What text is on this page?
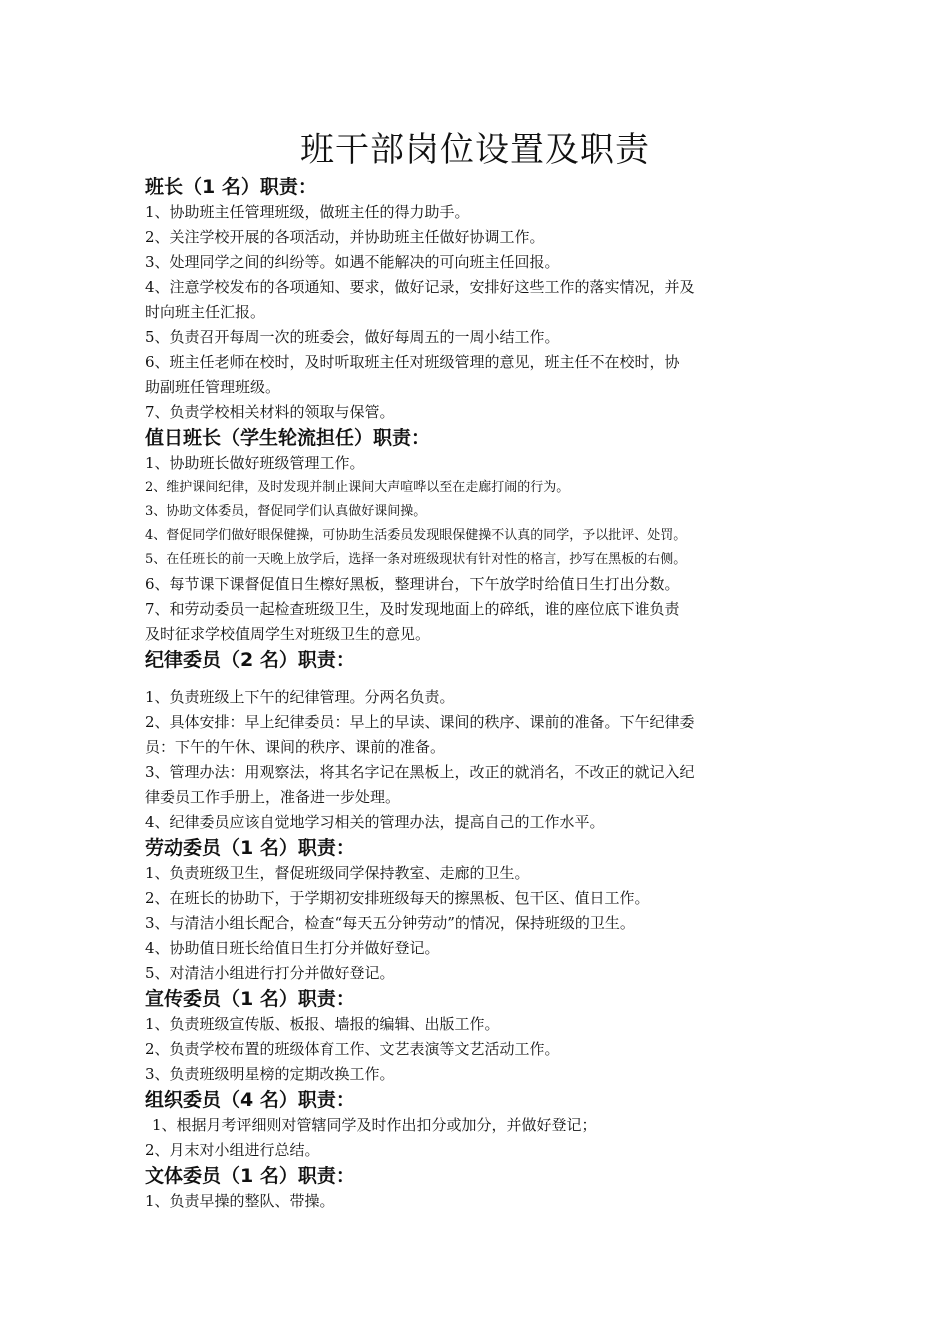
班干部岗位设置及职责
班长（1 名）职责：
1、协助班主任管理班级，做班主任的得力助手。
2、关注学校开展的各项活动，并协助班主任做好协调工作。
3、处理同学之间的纠纷等。如遇不能解决的可向班主任回报。
4、注意学校发布的各项通知、要求，做好记录，安排好这些工作的落实情况，并及
时向班主任汇报。
5、负责召开每周一次的班委会，做好每周五的一周小结工作。
6、班主任老师在校时，及时听取班主任对班级管理的意见，班主任不在校时，协
助副班任管理班级。
7、负责学校相关材料的领取与保管。
值日班长（学生轮流担任）职责：
1、协助班长做好班级管理工作。
2、维护课间纪律，及时发现并制止课间大声喧哗以至在走廊打闹的行为。
3、协助文体委员，督促同学们认真做好课间操。
4、督促同学们做好眼保健操，可协助生活委员发现眼保健操不认真的同学，予以批评、处罚。
5、在任班长的前一天晚上放学后，选择一条对班级现状有针对性的格言，抄写在黑板的右侧。
6、每节课下课督促值日生檫好黑板，整理讲台，下午放学时给值日生打出分数。
7、和劳动委员一起检查班级卫生，及时发现地面上的碎纸，谁的座位底下谁负责
及时征求学校值周学生对班级卫生的意见。
纪律委员（2 名）职责：
1、负责班级上下午的纪律管理。分两名负责。
2、具体安排：早上纪律委员：早上的早读、课间的秩序、课前的准备。下午纪律委
员：下午的午休、课间的秩序、课前的准备。
3、管理办法：用观察法，将其名字记在黑板上，改正的就消名，不改正的就记入纪
律委员工作手册上，准备进一步处理。
4、纪律委员应该自觉地学习相关的管理办法，提高自己的工作水平。
劳动委员（1 名）职责：
1、负责班级卫生，督促班级同学保持教室、走廊的卫生。
2、在班长的协助下，于学期初安排班级每天的擦黑板、包干区、值日工作。
3、与清洁小组长配合，检查“每天五分钟劳动”的情况，保持班级的卫生。
4、协助值日班长给值日生打分并做好登记。
5、对清洁小组进行打分并做好登记。
宣传委员（1 名）职责：
1、负责班级宣传版、板报、墙报的编辑、出版工作。
2、负责学校布置的班级体育工作、文艺表演等文艺活动工作。
3、负责班级明星榜的定期改换工作。
组织委员（4 名）职责：
1、根据月考评细则对管辖同学及时作出扣分或加分，并做好登记；
2、月末对小组进行总结。
文体委员（1 名）职责：
1、负责早操的整队、带操。
